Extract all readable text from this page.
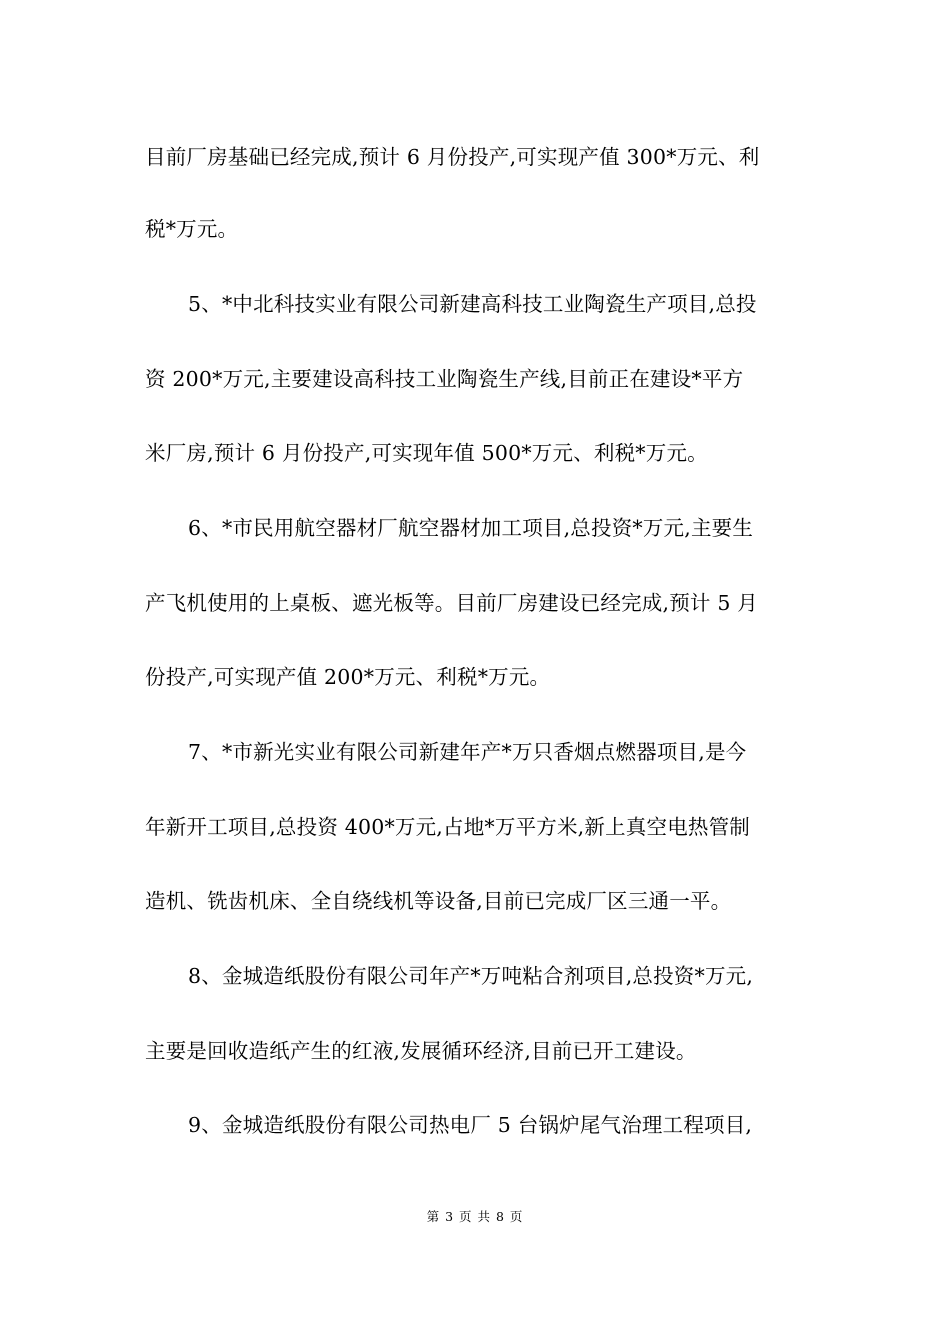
目前厂房基础已经完成,预计 6 月份投产,可实现产值 300*万元、利
税*万元。
5、*中北科技实业有限公司新建高科技工业陶瓷生产项目,总投
资 200*万元,主要建设高科技工业陶瓷生产线,目前正在建设*平方
米厂房,预计 6 月份投产,可实现年值 500*万元、利税*万元。
6、*市民用航空器材厂航空器材加工项目,总投资*万元,主要生
产飞机使用的上桌板、遮光板等。目前厂房建设已经完成,预计 5 月
份投产,可实现产值 200*万元、利税*万元。
7、*市新光实业有限公司新建年产*万只香烟点燃器项目,是今
年新开工项目,总投资 400*万元,占地*万平方米,新上真空电热管制
造机、铣齿机床、全自绕线机等设备,目前已完成厂区三通一平。
8、金城造纸股份有限公司年产*万吨粘合剂项目,总投资*万元,
主要是回收造纸产生的红液,发展循环经济,目前已开工建设。
9、金城造纸股份有限公司热电厂 5 台锅炉尾气治理工程项目,
第 3 页 共 8 页
